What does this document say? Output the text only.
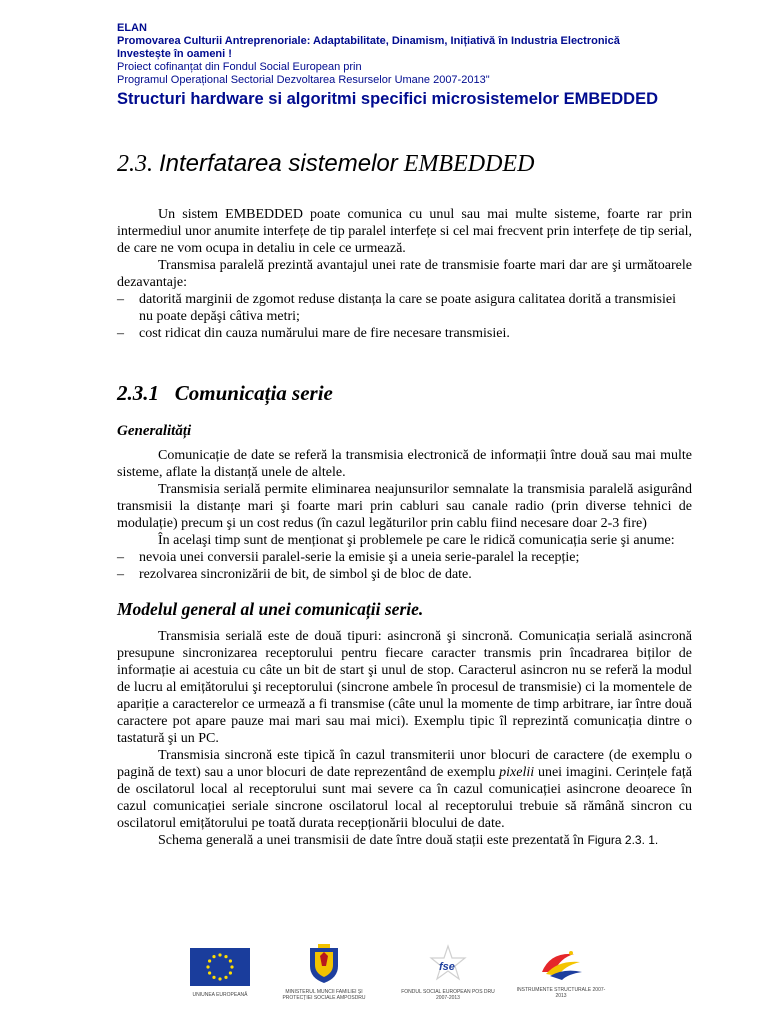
ELAN
Promovarea Culturii Antreprenoriale: Adaptabilitate, Dinamism, Inițiativă în Industria Electronică
Investește în oameni !
Proiect cofinanțat din Fondul Social European prin
Programul Operațional Sectorial Dezvoltarea Resurselor Umane 2007-2013"
Structuri hardware si algoritmi specifici microsistemelor EMBEDDED
2.3. Interfatarea sistemelor EMBEDDED

Un sistem EMBEDDED poate comunica cu unul sau mai multe sisteme, foarte rar prin intermediul unor anumite interfețe de tip paralel interfețe si cel mai frecvent prin interfețe de tip serial, de care ne vom ocupa in detaliu in cele ce urmează.

Transmisa paralelă prezintă avantajul unei rate de transmisie foarte mari dar are şi următoarele dezavantaje:

– datorită marginii de zgomot reduse distanța la care se poate asigura calitatea dorită a transmisiei nu poate depăşi câtiva metri;
– cost ridicat din cauza numărului mare de fire necesare transmisiei.
2.3.1 Comunicația serie
Generalități

Comunicație de date se referă la transmisia electronică de informații între două sau mai multe sisteme, aflate la distanță unele de altele.

Transmisia serială permite eliminarea neajunsurilor semnalate la transmisia paralelă asigurând transmisii la distanțe mari şi foarte mari prin cabluri sau canale radio (prin diverse tehnici de modulație) precum şi un cost redus (în cazul legăturilor prin cablu fiind necesare doar 2-3 fire)

În acelaşi timp sunt de menționat şi problemele pe care le ridică comunicația serie şi anume:

– nevoia unei conversii paralel-serie la emisie şi a uneia serie-paralel la recepție;
– rezolvarea sincronizării de bit, de simbol şi de bloc de date.
Modelul general al unei comunicații serie.

Transmisia serială este de două tipuri: asincronă şi sincronă. Comunicația serială asincronă presupune sincronizarea receptorului pentru fiecare caracter transmis prin încadrarea biților de informație ai acestuia cu câte un bit de start şi unul de stop. Caracterul asincron nu se referă la modul de lucru al emițătorului şi receptorului (sincrone ambele în procesul de transmisie) ci la momentele de apariție a caracterelor ce urmează a fi transmise (câte unul la momente de timp arbitrare, iar între două caractere pot apare pauze mai mari sau mai mici). Exemplu tipic îl reprezintă comunicația dintre o tastatură şi un PC.

Transmisia sincronă este tipică în cazul transmiterii unor blocuri de caractere (de exemplu o pagină de text) sau a unor blocuri de date reprezentând de exemplu pixelii unei imagini. Cerințele față de oscilatorul local al receptorului sunt mai severe ca în cazul comunicației asincrone deoarece în cazul comunicației seriale sincrone oscilatorul local al receptorului trebuie să rămână sincron cu oscilatorul emițătorului pe toată durata recepționării blocului de date.

Schema generală a unei transmisii de date între două stații este prezentată în Figura 2.3. 1.

UNIUNEA EUROPEANĂ	MINISTERUL MUNCII FAMILIEI ȘI PROTECȚIEI SOCIALE AMPOSDRU
fse
FONDUL SOCIAL EUROPEAN POS DRU 2007-2013
INSTRUMENTE STRUCTURALE 2007-2013
